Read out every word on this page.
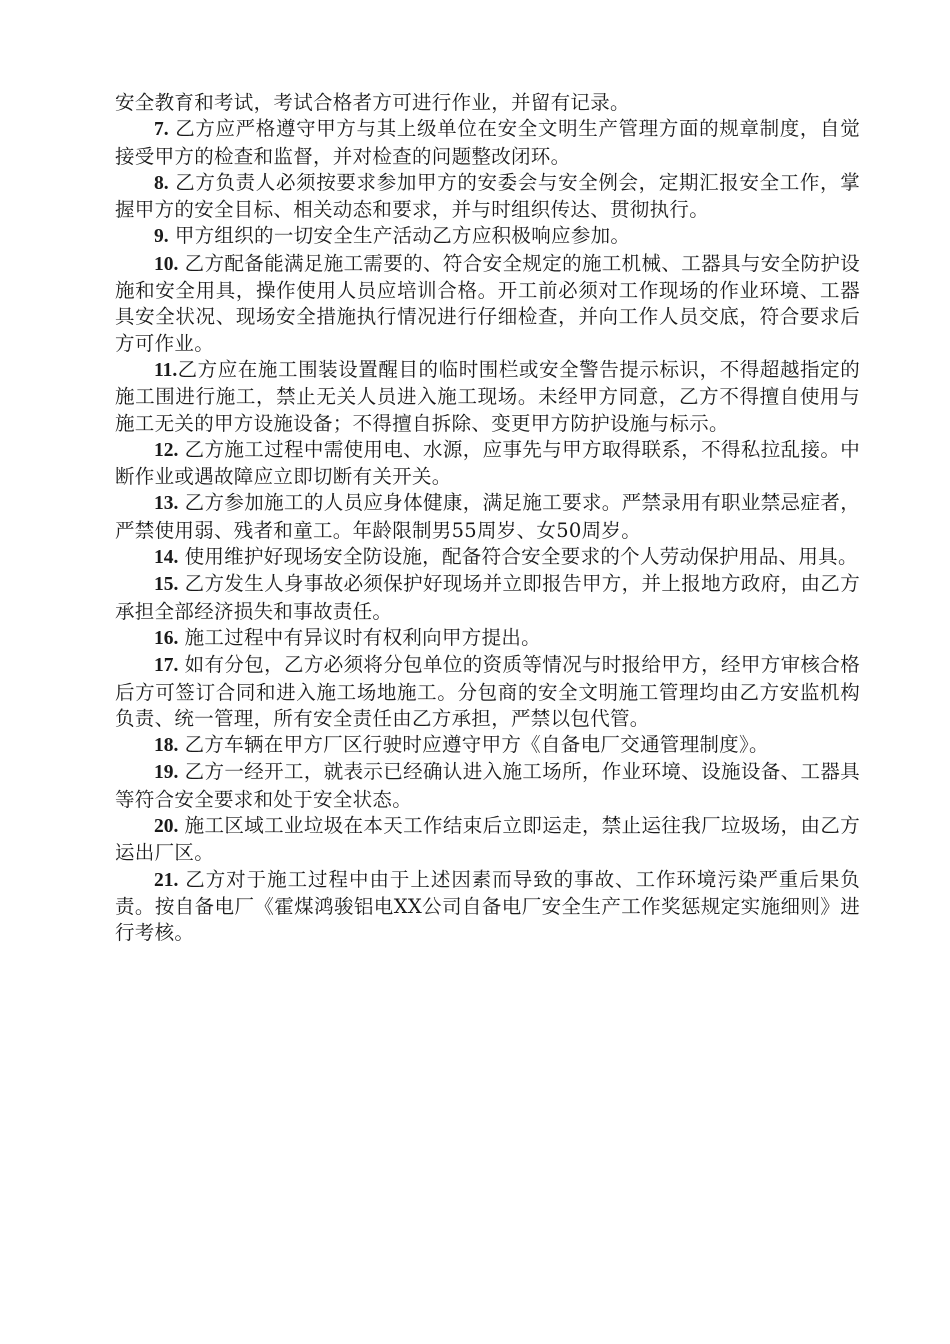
安全教育和考试，考试合格者方可进行作业，并留有记录。

7. 乙方应严格遵守甲方与其上级单位在安全文明生产管理方面的规章制度，自觉接受甲方的检查和监督，并对检查的问题整改闭环。

8. 乙方负责人必须按要求参加甲方的安委会与安全例会，定期汇报安全工作，掌握甲方的安全目标、相关动态和要求，并与时组织传达、贯彻执行。

9. 甲方组织的一切安全生产活动乙方应积极响应参加。

10. 乙方配备能满足施工需要的、符合安全规定的施工机械、工器具与安全防护设施和安全用具，操作使用人员应培训合格。开工前必须对工作现场的作业环境、工器具安全状况、现场安全措施执行情况进行仔细检查，并向工作人员交底，符合要求后方可作业。

11.乙方应在施工围装设置醒目的临时围栏或安全警告提示标识，不得超越指定的施工围进行施工，禁止无关人员进入施工现场。未经甲方同意，乙方不得擅自使用与施工无关的甲方设施设备；不得擅自拆除、变更甲方防护设施与标示。

12. 乙方施工过程中需使用电、水源，应事先与甲方取得联系，不得私拉乱接。中断作业或遇故障应立即切断有关开关。

13. 乙方参加施工的人员应身体健康，满足施工要求。严禁录用有职业禁忌症者，严禁使用弱、残者和童工。年龄限制男55周岁、女50周岁。

14. 使用维护好现场安全防设施，配备符合安全要求的个人劳动保护用品、用具。

15. 乙方发生人身事故必须保护好现场并立即报告甲方，并上报地方政府，由乙方承担全部经济损失和事故责任。

16. 施工过程中有异议时有权利向甲方提出。

17. 如有分包，乙方必须将分包单位的资质等情况与时报给甲方，经甲方审核合格后方可签订合同和进入施工场地施工。分包商的安全文明施工管理均由乙方安监机构负责、统一管理，所有安全责任由乙方承担，严禁以包代管。

18. 乙方车辆在甲方厂区行驶时应遵守甲方《自备电厂交通管理制度》。

19. 乙方一经开工，就表示已经确认进入施工场所，作业环境、设施设备、工器具等符合安全要求和处于安全状态。

20. 施工区域工业垃圾在本天工作结束后立即运走，禁止运往我厂垃圾场，由乙方运出厂区。

21. 乙方对于施工过程中由于上述因素而导致的事故、工作环境污染严重后果负责。按自备电厂《霍煤鸿骏铝电XX公司自备电厂安全生产工作奖惩规定实施细则》进行考核。
